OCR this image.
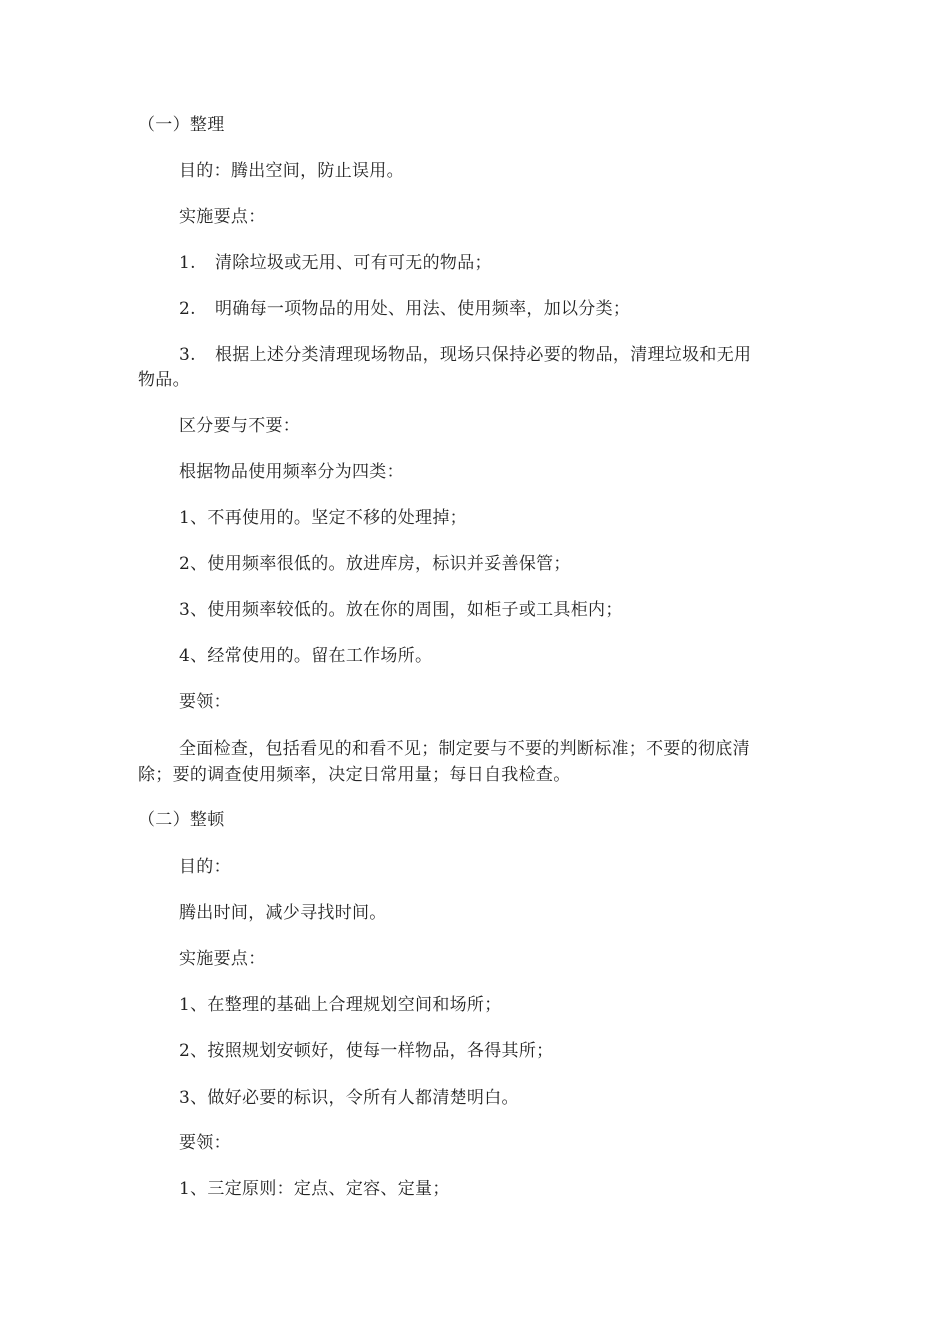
（一）整理
目的：腾出空间，防止误用。
实施要点：
1. 清除垃圾或无用、可有可无的物品；
2. 明确每一项物品的用处、用法、使用频率，加以分类；
3. 根据上述分类清理现场物品，现场只保持必要的物品，清理垃圾和无用
物品。
区分要与不要：
根据物品使用频率分为四类：
1、不再使用的。坚定不移的处理掉；
2、使用频率很低的。放进库房，标识并妥善保管；
3、使用频率较低的。放在你的周围，如柜子或工具柜内；
4、经常使用的。留在工作场所。
要领：
全面检查，包括看见的和看不见；制定要与不要的判断标准；不要的彻底清
除；要的调查使用频率，决定日常用量；每日自我检查。
（二）整顿
目的：
腾出时间，减少寻找时间。
实施要点：
1、在整理的基础上合理规划空间和场所；
2、按照规划安顿好，使每一样物品，各得其所；
3、做好必要的标识，令所有人都清楚明白。
要领：
1、三定原则：定点、定容、定量；
